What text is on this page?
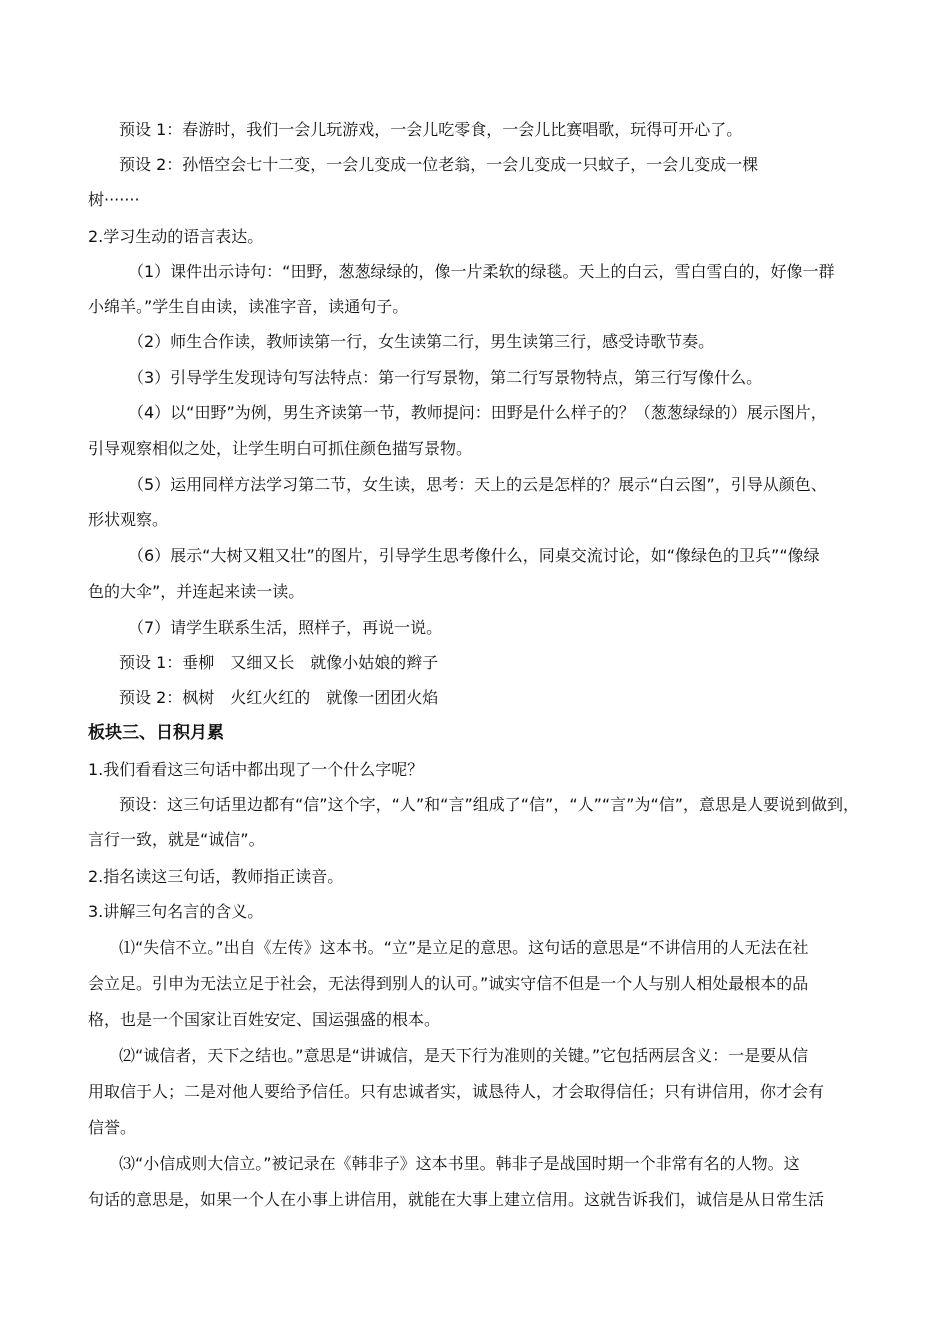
预设 1：春游时，我们一会儿玩游戏，一会儿吃零食，一会儿比赛唱歌，玩得可开心了。
预设 2：孙悟空会七十二变，一会儿变成一位老翁，一会儿变成一只蚊子，一会儿变成一棵
树·······
2.学习生动的语言表达。
（1）课件出示诗句：“田野，葱葱绿绿的，像一片柔软的绿毯。天上的白云，雪白雪白的，好像一群
小绵羊。”学生自由读，读准字音，读通句子。
（2）师生合作读，教师读第一行，女生读第二行，男生读第三行，感受诗歌节奏。
（3）引导学生发现诗句写法特点：第一行写景物，第二行写景物特点，第三行写像什么。
（4）以“田野”为例，男生齐读第一节，教师提问：田野是什么样子的？（葱葱绿绿的）展示图片，
引导观察相似之处，让学生明白可抓住颜色描写景物。
（5）运用同样方法学习第二节，女生读，思考：天上的云是怎样的？展示“白云图”，引导从颜色、
形状观察。
（6）展示“大树又粗又壮”的图片，引导学生思考像什么，同桌交流讨论，如“像绿色的卫兵”“像绿
色的大伞”，并连起来读一读。
（7）请学生联系生活，照样子，再说一说。
预设 1：垂柳　又细又长　就像小姑娘的辫子
预设 2：枫树　火红火红的　就像一团团火焰
板块三、日积月累
1.我们看看这三句话中都出现了一个什么字呢？
预设：这三句话里边都有“信”这个字，“人”和“言”组成了“信”，“人”“言”为“信”，意思是人要说到做到，
言行一致，就是“诚信”。
2.指名读这三句话，教师指正读音。
3.讲解三句名言的含义。
⑴“失信不立。”出自《左传》这本书。“立”是立足的意思。这句话的意思是“不讲信用的人无法在社
会立足。引申为无法立足于社会，无法得到别人的认可。”诚实守信不但是一个人与别人相处最根本的品
格，也是一个国家让百姓安定、国运强盛的根本。
⑵“诚信者，天下之结也。”意思是“讲诚信，是天下行为准则的关键。”它包括两层含义：一是要从信
用取信于人；二是对他人要给予信任。只有忠诚者实，诚恳待人，才会取得信任；只有讲信用，你才会有
信誉。
⑶“小信成则大信立。”被记录在《韩非子》这本书里。韩非子是战国时期一个非常有名的人物。这
句话的意思是，如果一个人在小事上讲信用，就能在大事上建立信用。这就告诉我们，诚信是从日常生活
